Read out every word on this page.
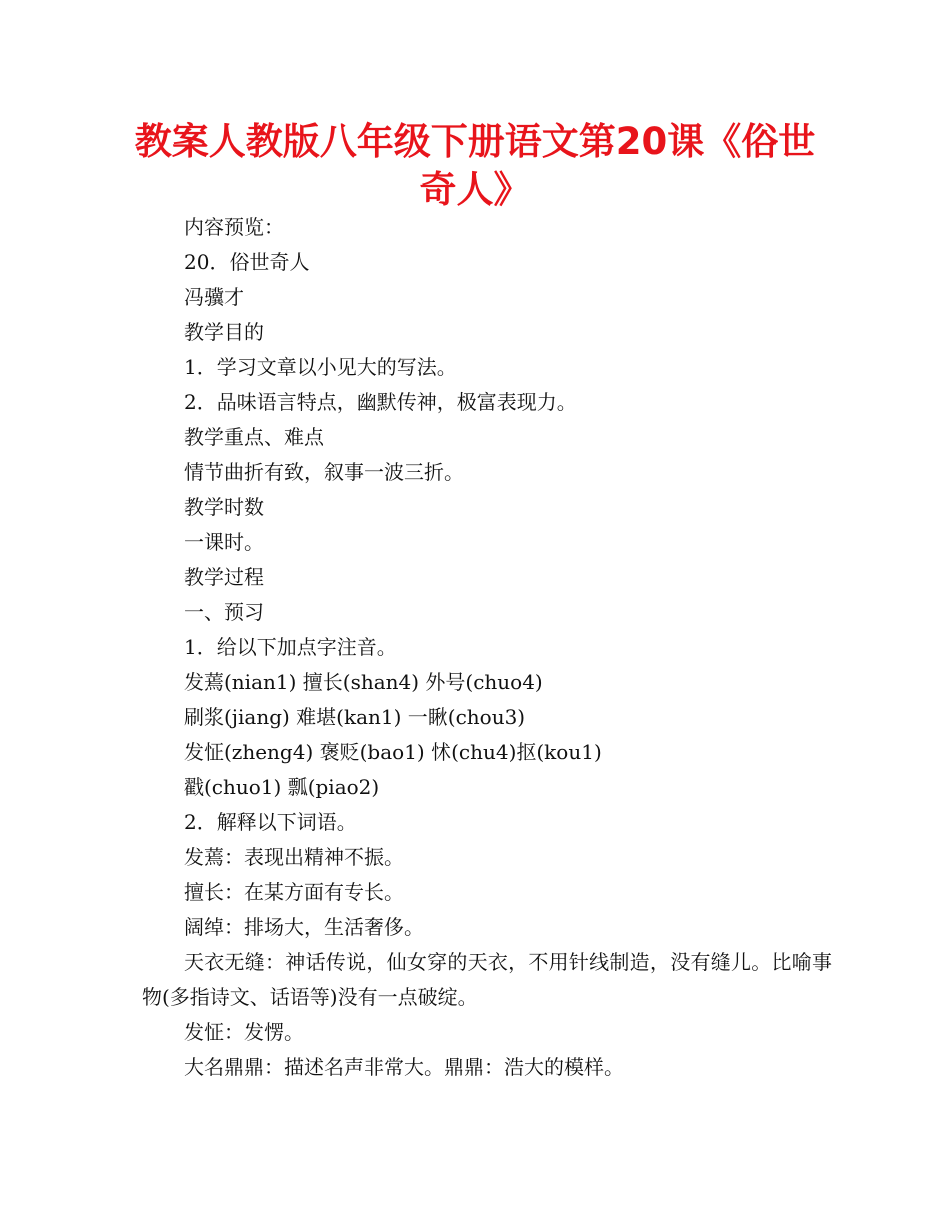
教案人教版八年级下册语文第20课《俗世奇人》

内容预览：

20．俗世奇人

冯骥才

教学目的

1．学习文章以小见大的写法。

2．品味语言特点，幽默传神，极富表现力。

教学重点、难点

情节曲折有致，叙事一波三折。

教学时数

一课时。

教学过程

一、预习

1．给以下加点字注音。

发蔫(nian1) 擅长(shan4) 外号(chuo4)

刷浆(jiang) 难堪(kan1) 一瞅(chou3)

发怔(zheng4) 褒贬(bao1) 怵(chu4)抠(kou1)

戳(chuo1) 瓢(piao2)

2．解释以下词语。

发蔫：表现出精神不振。

擅长：在某方面有专长。

阔绰：排场大，生活奢侈。

天衣无缝：神话传说，仙女穿的天衣，不用针线制造，没有缝儿。比喻事物(多指诗文、话语等)没有一点破绽。

发怔：发愣。

大名鼎鼎：描述名声非常大。鼎鼎：浩大的模样。
